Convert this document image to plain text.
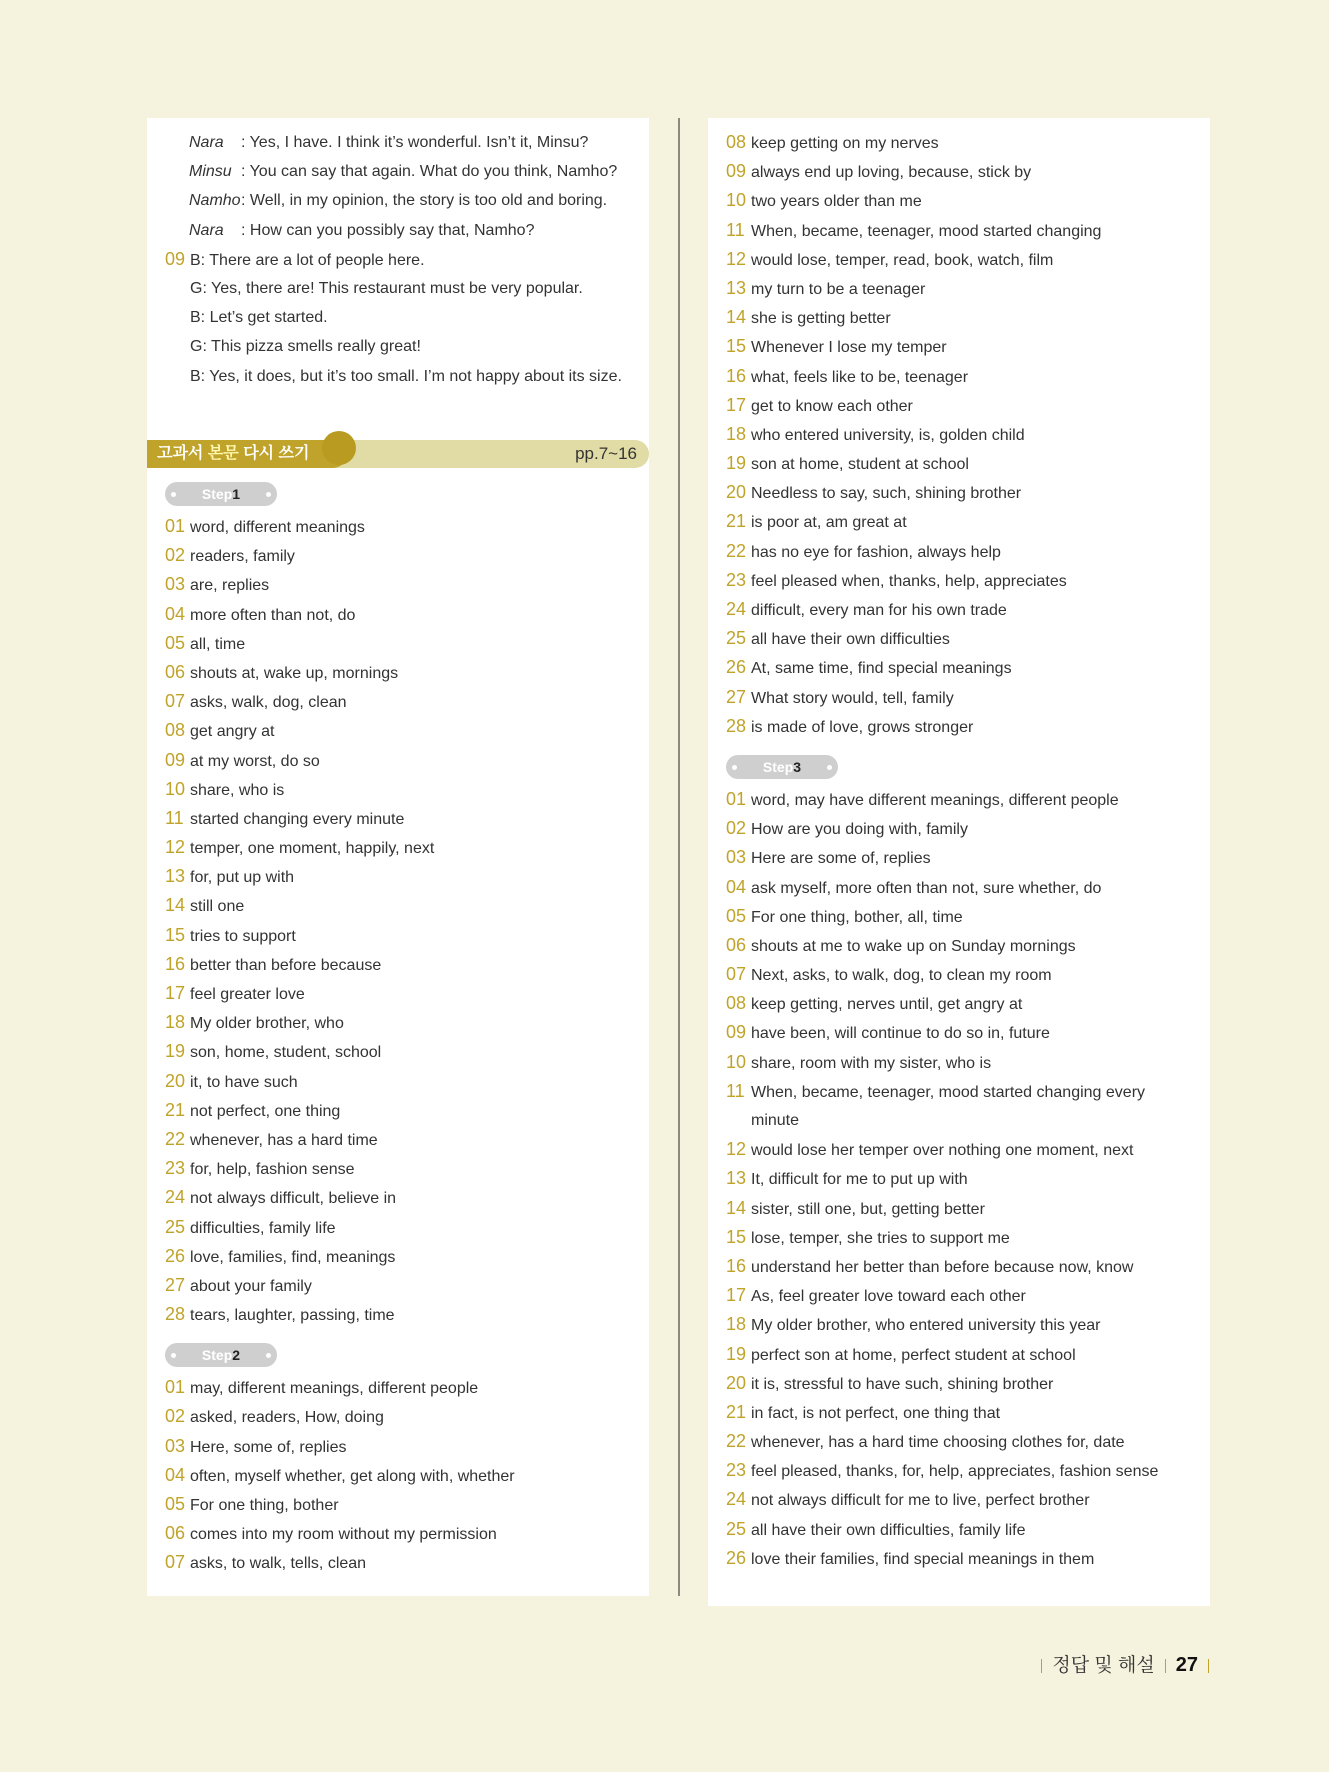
Nara : Yes, I have. I think it’s wonderful. Isn’t it, Minsu?
Minsu : You can say that again. What do you think, Namho?
Namho: Well, in my opinion, the story is too old and boring.
Nara : How can you possibly say that, Namho?
09 B: There are a lot of people here.
G: Yes, there are! This restaurant must be very popular.
B: Let’s get started.
G: This pizza smells really great!
B: Yes, it does, but it’s too small. I’m not happy about its size.
고과서 본문 다시 쓰기	pp.7~16
Step1
01 word, different meanings
02 readers, family
03 are, replies
04 more often than not, do
05 all, time
06 shouts at, wake up, mornings
07 asks, walk, dog, clean
08 get angry at
09 at my worst, do so
10 share, who is
11 started changing every minute
12 temper, one moment, happily, next
13 for, put up with
14 still one
15 tries to support
16 better than before because
17 feel greater love
18 My older brother, who
19 son, home, student, school
20 it, to have such
21 not perfect, one thing
22 whenever, has a hard time
23 for, help, fashion sense
24 not always difficult, believe in
25 difficulties, family life
26 love, families, find, meanings
27 about your family
28 tears, laughter, passing, time
Step2
01 may, different meanings, different people
02 asked, readers, How, doing
03 Here, some of, replies
04 often, myself whether, get along with, whether
05 For one thing, bother
06 comes into my room without my permission
07 asks, to walk, tells, clean
08 keep getting on my nerves
09 always end up loving, because, stick by
10 two years older than me
11 When, became, teenager, mood started changing
12 would lose, temper, read, book, watch, film
13 my turn to be a teenager
14 she is getting better
15 Whenever I lose my temper
16 what, feels like to be, teenager
17 get to know each other
18 who entered university, is, golden child
19 son at home, student at school
20 Needless to say, such, shining brother
21 is poor at, am great at
22 has no eye for fashion, always help
23 feel pleased when, thanks, help, appreciates
24 difficult, every man for his own trade
25 all have their own difficulties
26 At, same time, find special meanings
27 What story would, tell, family
28 is made of love, grows stronger
Step3
01 word, may have different meanings, different people
02 How are you doing with, family
03 Here are some of, replies
04 ask myself, more often than not, sure whether, do
05 For one thing, bother, all, time
06 shouts at me to wake up on Sunday mornings
07 Next, asks, to walk, dog, to clean my room
08 keep getting, nerves until, get angry at
09 have been, will continue to do so in, future
10 share, room with my sister, who is
11 When, became, teenager, mood started changing every
minute
12 would lose her temper over nothing one moment, next
13 It, difficult for me to put up with
14 sister, still one, but, getting better
15 lose, temper, she tries to support me
16 understand her better than before because now, know
17 As, feel greater love toward each other
18 My older brother, who entered university this year
19 perfect son at home, perfect student at school
20 it is, stressful to have such, shining brother
21 in fact, is not perfect, one thing that
22 whenever, has a hard time choosing clothes for, date
23 feel pleased, thanks, for, help, appreciates, fashion sense
24 not always difficult for me to live, perfect brother
25 all have their own difficulties, family life
26 love their families, find special meanings in them
정답 및 해설 27
